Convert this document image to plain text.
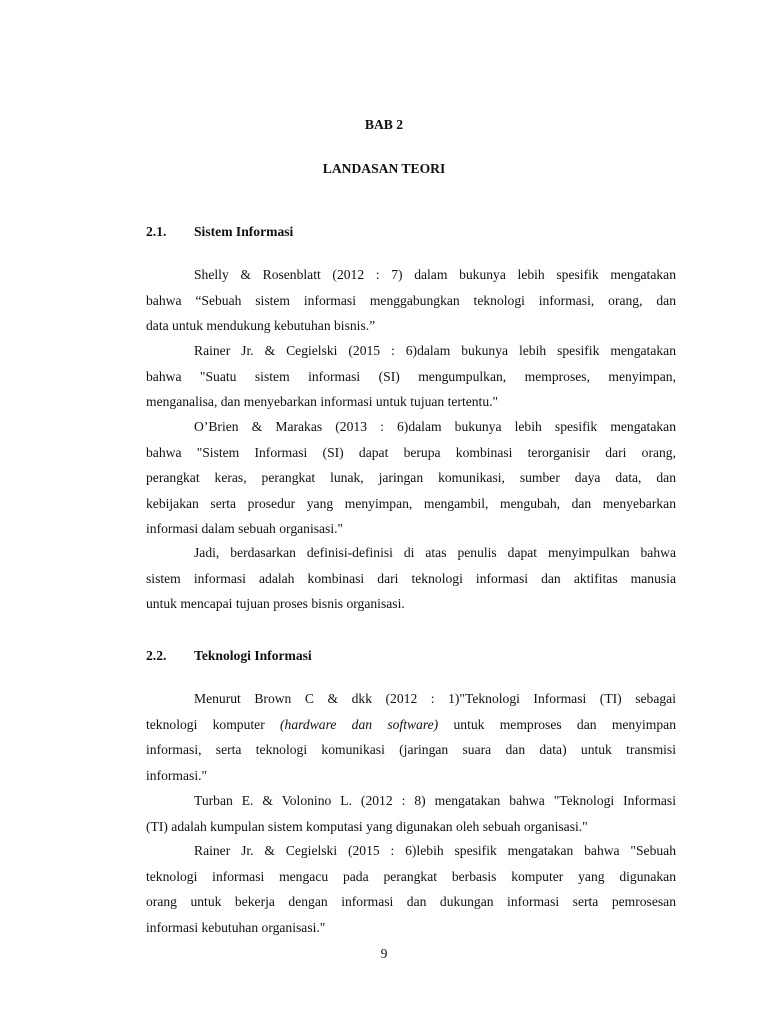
BAB 2
LANDASAN TEORI
2.1. Sistem Informasi

Shelly & Rosenblatt (2012 : 7) dalam bukunya lebih spesifik mengatakan
bahwa “Sebuah sistem informasi menggabungkan teknologi informasi, orang, dan
data untuk mendukung kebutuhan bisnis.”

Rainer Jr. & Cegielski (2015 : 6)dalam bukunya lebih spesifik mengatakan
bahwa "Suatu sistem informasi (SI) mengumpulkan, memproses, menyimpan,
menganalisa, dan menyebarkan informasi untuk tujuan tertentu."

O’Brien & Marakas (2013 : 6)dalam bukunya lebih spesifik mengatakan
bahwa "Sistem Informasi (SI) dapat berupa kombinasi terorganisir dari orang,
perangkat keras, perangkat lunak, jaringan komunikasi, sumber daya data, dan
kebijakan serta prosedur yang menyimpan, mengambil, mengubah, dan menyebarkan
informasi dalam sebuah organisasi."

Jadi, berdasarkan definisi-definisi di atas penulis dapat menyimpulkan bahwa
sistem informasi adalah kombinasi dari teknologi informasi dan aktifitas manusia
untuk mencapai tujuan proses bisnis organisasi.

2.2. Teknologi Informasi

Menurut Brown C & dkk (2012 : 1)"Teknologi Informasi (TI) sebagai
teknologi komputer (hardware dan software) untuk memproses dan menyimpan
informasi, serta teknologi komunikasi (jaringan suara dan data) untuk transmisi
informasi."

Turban E. & Volonino L. (2012 : 8) mengatakan bahwa "Teknologi Informasi
(TI) adalah kumpulan sistem komputasi yang digunakan oleh sebuah organisasi."

Rainer Jr. & Cegielski (2015 : 6)lebih spesifik mengatakan bahwa "Sebuah
teknologi informasi mengacu pada perangkat berbasis komputer yang digunakan
orang untuk bekerja dengan informasi dan dukungan informasi serta pemrosesan
informasi kebutuhan organisasi."

9
